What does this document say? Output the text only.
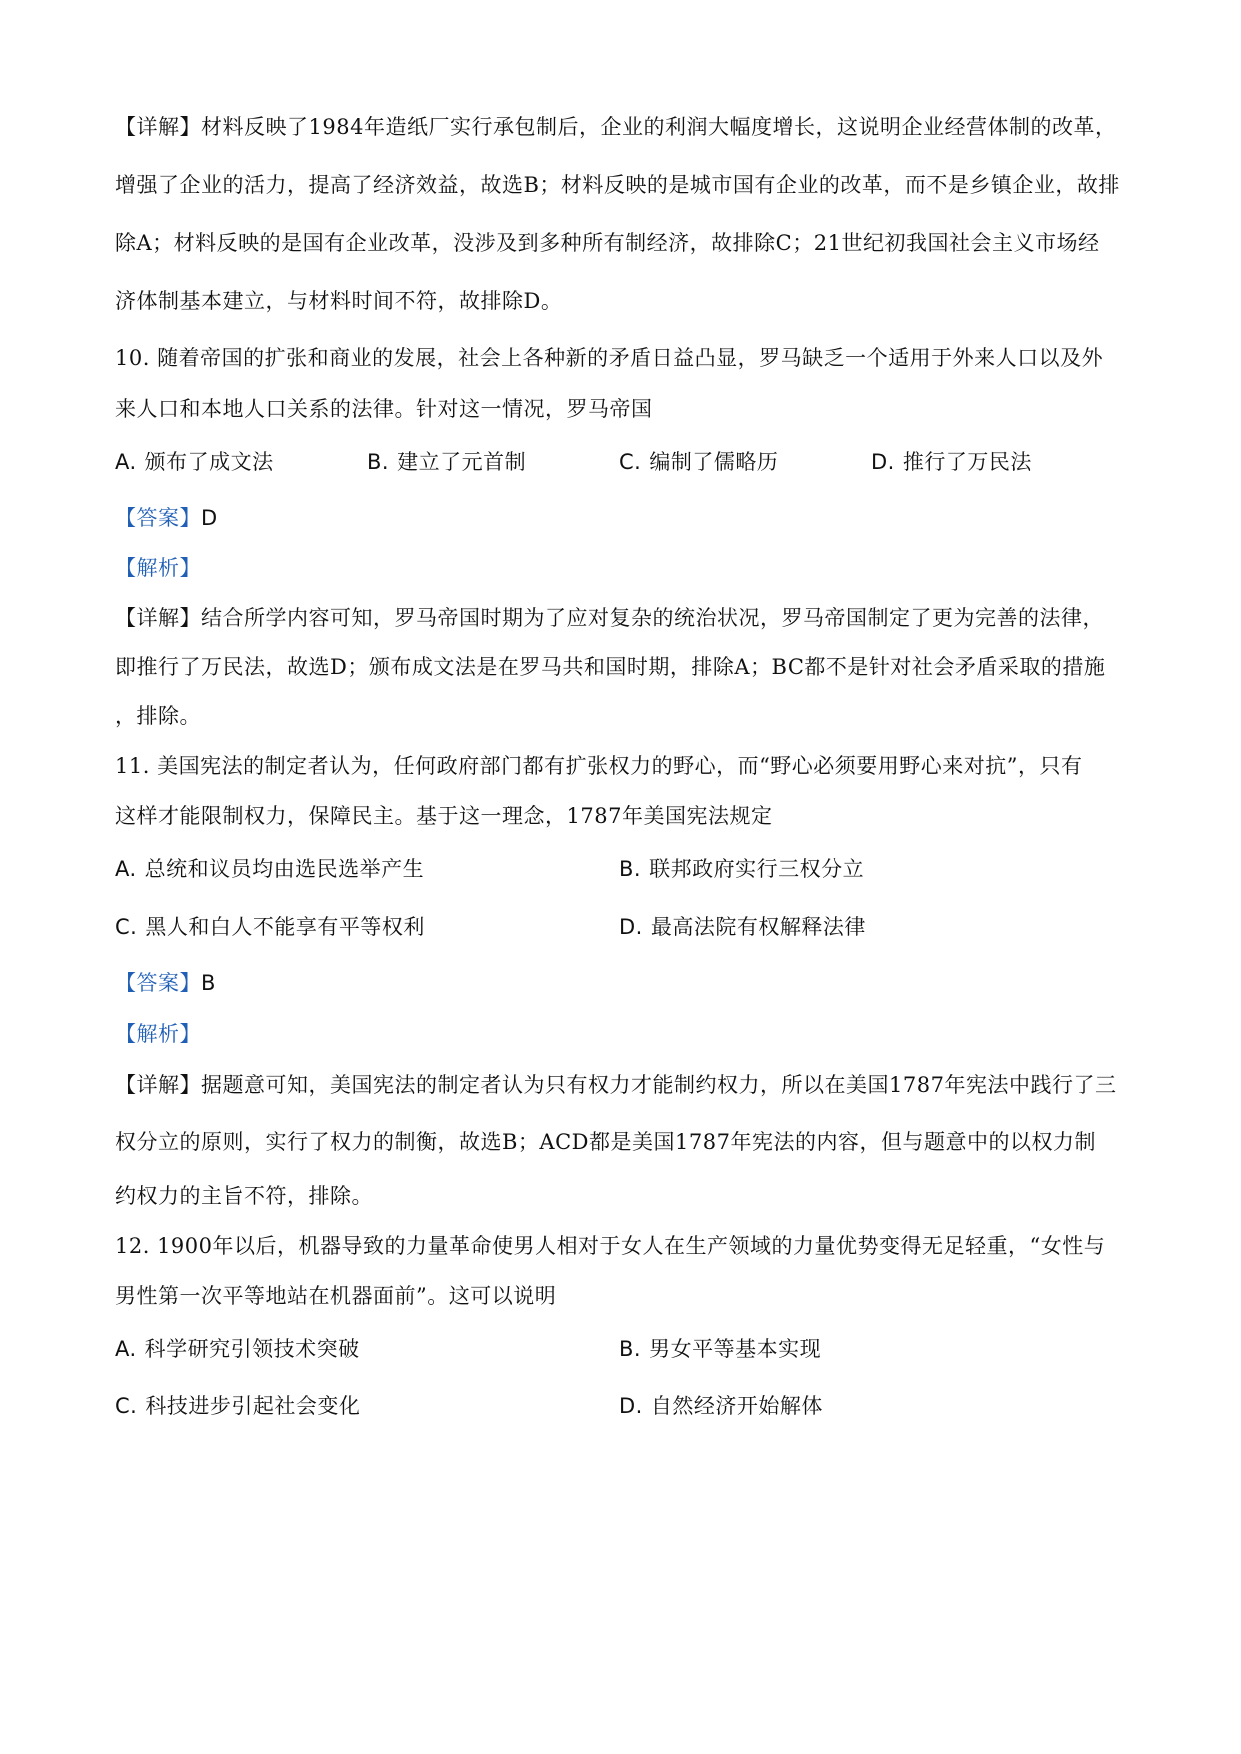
【详解】材料反映了1984年造纸厂实行承包制后，企业的利润大幅度增长，这说明企业经营体制的改革，
增强了企业的活力，提高了经济效益，故选B；材料反映的是城市国有企业的改革，而不是乡镇企业，故排
除A；材料反映的是国有企业改革，没涉及到多种所有制经济，故排除C；21世纪初我国社会主义市场经
济体制基本建立，与材料时间不符，故排除D。
10. 随着帝国的扩张和商业的发展，社会上各种新的矛盾日益凸显，罗马缺乏一个适用于外来人口以及外
来人口和本地人口关系的法律。针对这一情况，罗马帝国
A. 颁布了成文法	B. 建立了元首制	C. 编制了儒略历	D. 推行了万民法
【答案】D
【解析】
【详解】结合所学内容可知，罗马帝国时期为了应对复杂的统治状况，罗马帝国制定了更为完善的法律，
即推行了万民法，故选D；颁布成文法是在罗马共和国时期，排除A；BC都不是针对社会矛盾采取的措施
，排除。
11. 美国宪法的制定者认为，任何政府部门都有扩张权力的野心，而“野心必须要用野心来对抗”，只有
这样才能限制权力，保障民主。基于这一理念，1787年美国宪法规定
A. 总统和议员均由选民选举产生	B. 联邦政府实行三权分立
C. 黑人和白人不能享有平等权利	D. 最高法院有权解释法律
【答案】B
【解析】
【详解】据题意可知，美国宪法的制定者认为只有权力才能制约权力，所以在美国1787年宪法中践行了三
权分立的原则，实行了权力的制衡，故选B；ACD都是美国1787年宪法的内容，但与题意中的以权力制
约权力的主旨不符，排除。
12. 1900年以后，机器导致的力量革命使男人相对于女人在生产领域的力量优势变得无足轻重，“女性与
男性第一次平等地站在机器面前”。这可以说明
A. 科学研究引领技术突破	B. 男女平等基本实现
C. 科技进步引起社会变化	D. 自然经济开始解体
